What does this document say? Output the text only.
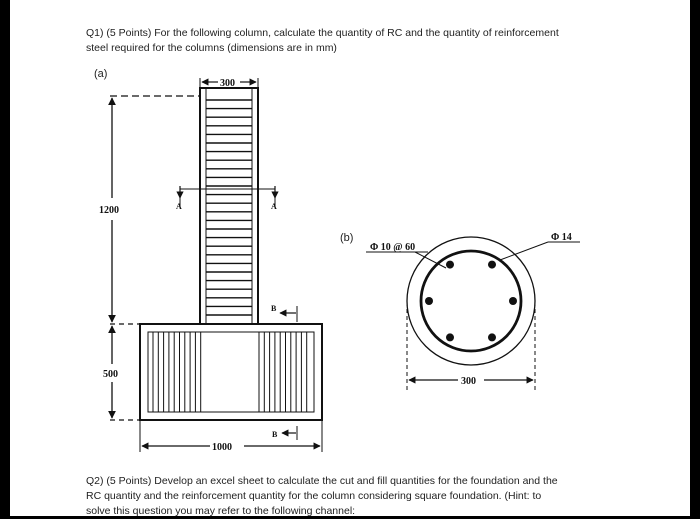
Q1) (5 Points) For the following column, calculate the quantity of RC and the quantity of reinforcement
steel required for the columns (dimensions are in mm)
(a)
(b)
1200
500
300
1000
A	A
B
B
Φ 10 @ 60
Φ 14
300
Q2) (5 Points) Develop an excel sheet to calculate the cut and fill quantities for the foundation and the
RC quantity and the reinforcement quantity for the column considering square foundation. (Hint: to
solve this question you may refer to the following channel:
